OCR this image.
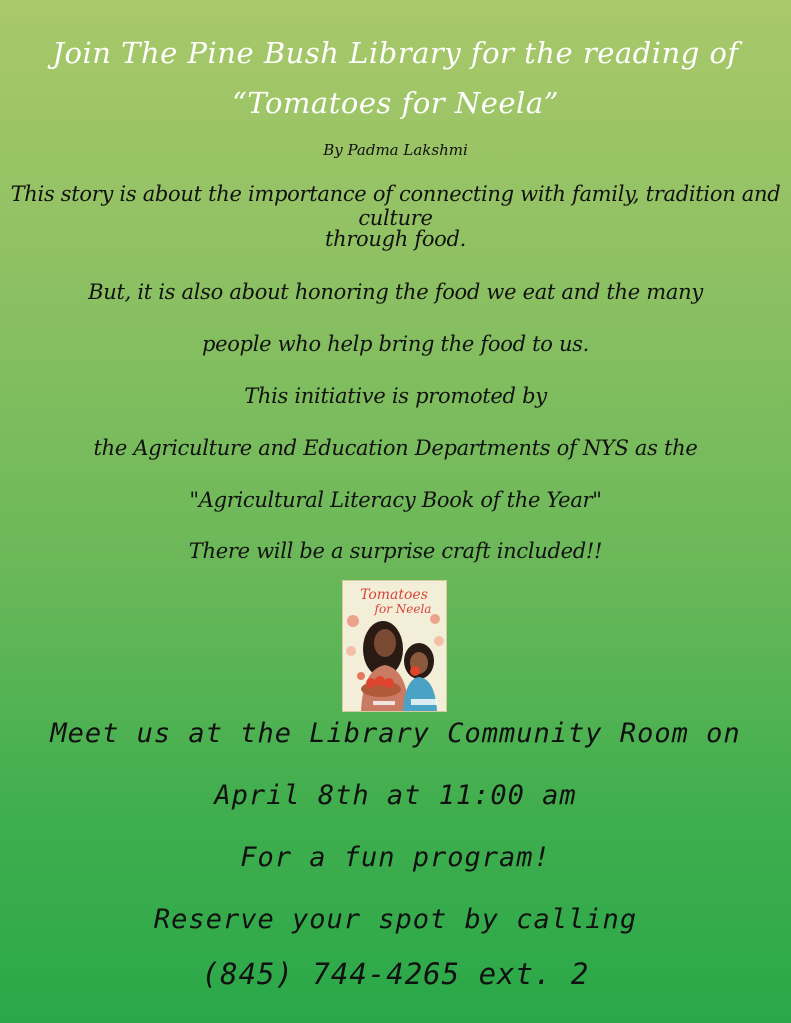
Join The Pine Bush Library for the reading of
“Tomatoes for Neela”
By Padma Lakshmi
This story is about the importance of connecting with family, tradition and culture
through food.
But, it is also about honoring the food we eat and the many
people who help bring the food to us.
This initiative is promoted by
the Agriculture and Education Departments of NYS as the
"Agricultural Literacy Book of the Year"
There will be a surprise craft included!!
Tomatoes
for Neela
Meet us at the Library Community Room on
April 8th at 11:00 am
For a fun program!
Reserve your spot by calling
(845) 744-4265 ext. 2
